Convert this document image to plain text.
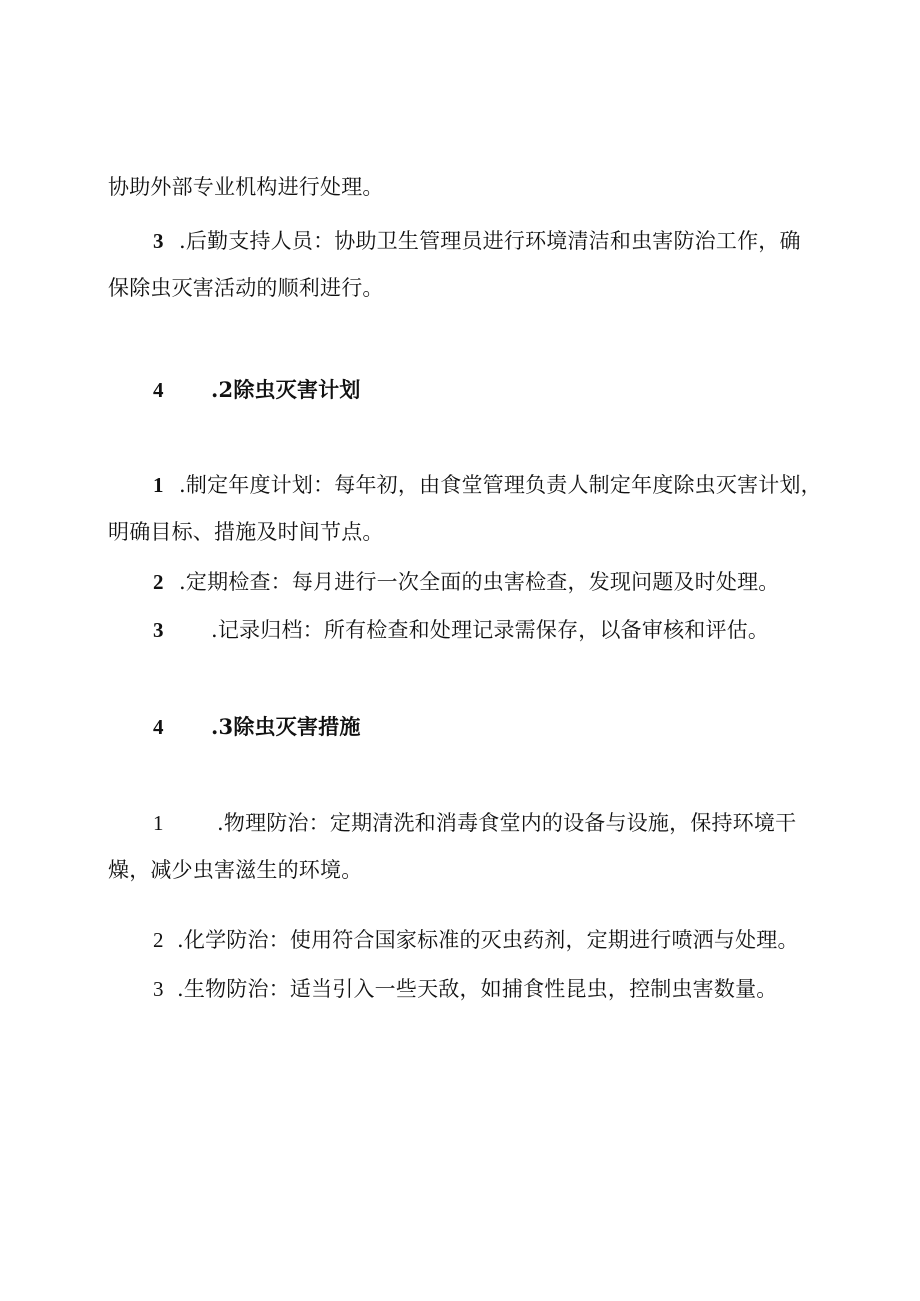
协助外部专业机构进行处理。
3 .后勤支持人员：协助卫生管理员进行环境清洁和虫害防治工作，确
保除虫灭害活动的顺利进行。
4 .2除虫灭害计划
1 .制定年度计划：每年初，由食堂管理负责人制定年度除虫灭害计划，
明确目标、措施及时间节点。
2 .定期检查：每月进行一次全面的虫害检查，发现问题及时处理。
3 .记录归档：所有检查和处理记录需保存，以备审核和评估。
4 .3除虫灭害措施
1	.物理防治：定期清洗和消毒食堂内的设备与设施，保持环境干
燥，减少虫害滋生的环境。
2 .化学防治：使用符合国家标准的灭虫药剂，定期进行喷洒与处理。
3 .生物防治：适当引入一些天敌，如捕食性昆虫，控制虫害数量。
